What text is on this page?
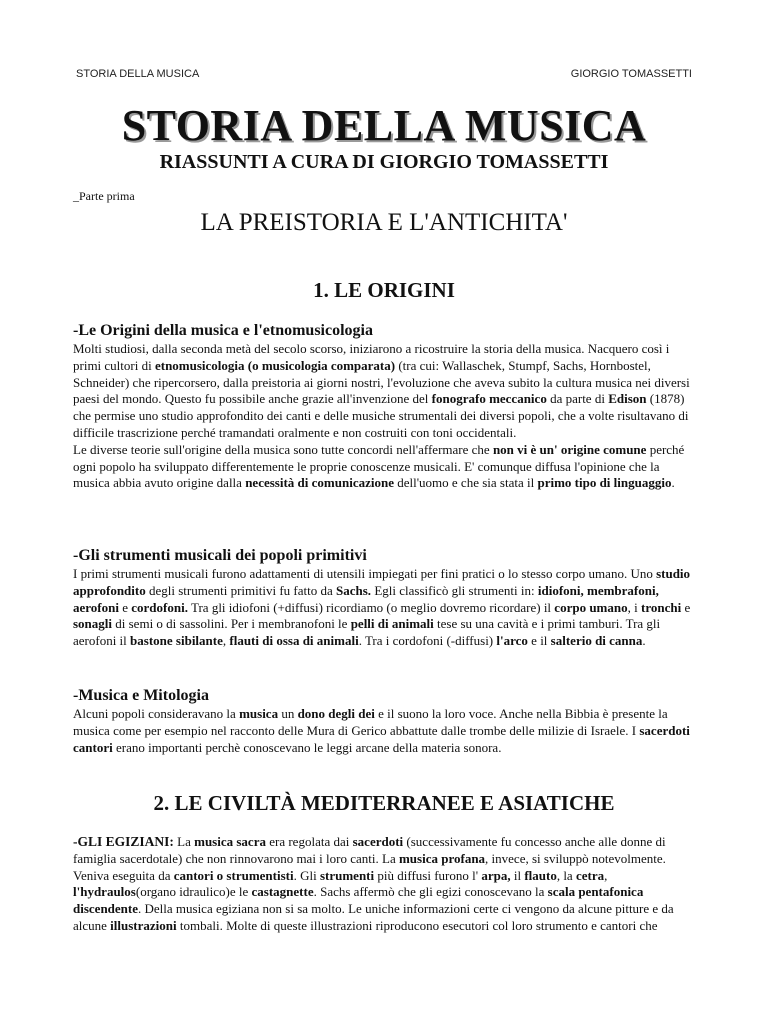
STORIA DELLA MUSICA	GIORGIO TOMASSETTI
STORIA DELLA MUSICA
RIASSUNTI A CURA DI GIORGIO TOMASSETTI
_Parte prima
LA PREISTORIA E L'ANTICHITA'
1. LE ORIGINI
-Le Origini della musica e l'etnomusicologia

Molti studiosi, dalla seconda metà del secolo scorso, iniziarono a ricostruire la storia della musica. Nacquero così i primi cultori di etnomusicologia (o musicologia comparata) (tra cui: Wallaschek, Stumpf, Sachs, Hornbostel, Schneider) che ripercorsero, dalla preistoria ai giorni nostri, l'evoluzione che aveva subito la cultura musica nei diversi paesi del mondo. Questo fu possibile anche grazie all'invenzione del fonografo meccanico da parte di Edison (1878) che permise uno studio approfondito dei canti e delle musiche strumentali dei diversi popoli, che a volte risultavano di difficile trascrizione perché tramandati oralmente e non costruiti con toni occidentali.
Le diverse teorie sull'origine della musica sono tutte concordi nell'affermare che non vi è un' origine comune perché ogni popolo ha sviluppato differentemente le proprie conoscenze musicali. E' comunque diffusa l'opinione che la musica abbia avuto origine dalla necessità di comunicazione dell'uomo e che sia stata il primo tipo di linguaggio.

-Gli strumenti musicali dei popoli primitivi

I primi strumenti musicali furono adattamenti di utensili impiegati per fini pratici o lo stesso corpo umano. Uno studio approfondito degli strumenti primitivi fu fatto da Sachs. Egli classificò gli strumenti in: idiofoni, membrafoni, aerofoni e cordofoni. Tra gli idiofoni (+diffusi) ricordiamo (o meglio dovremo ricordare) il corpo umano, i tronchi e sonagli di semi o di sassolini. Per i membranofoni le pelli di animali tese su una cavità e i primi tamburi. Tra gli aerofoni il bastone sibilante, flauti di ossa di animali. Tra i cordofoni (-diffusi) l'arco e il salterio di canna.

-Musica e Mitologia

Alcuni popoli consideravano la musica un dono degli dei e il suono la loro voce. Anche nella Bibbia è presente la musica come per esempio nel racconto delle Mura di Gerico abbattute dalle trombe delle milizie di Israele. I sacerdoti cantori erano importanti perchè conoscevano le leggi arcane della materia sonora.

2. LE CIVILTÀ MEDITERRANEE E ASIATICHE

-GLI EGIZIANI: La musica sacra era regolata dai sacerdoti (successivamente fu concesso anche alle donne di famiglia sacerdotale) che non rinnovarono mai i loro canti. La musica profana, invece, si sviluppò notevolmente. Veniva eseguita da cantori o strumentisti. Gli strumenti più diffusi furono l' arpa, il flauto, la cetra, l'hydraulos(organo idraulico)e le castagnette. Sachs affermò che gli egizi conoscevano la scala pentafonica discendente. Della musica egiziana non si sa molto. Le uniche informazioni certe ci vengono da alcune pitture e da alcune illustrazioni tombali. Molte di queste illustrazioni riproducono esecutori col loro strumento e cantori che
